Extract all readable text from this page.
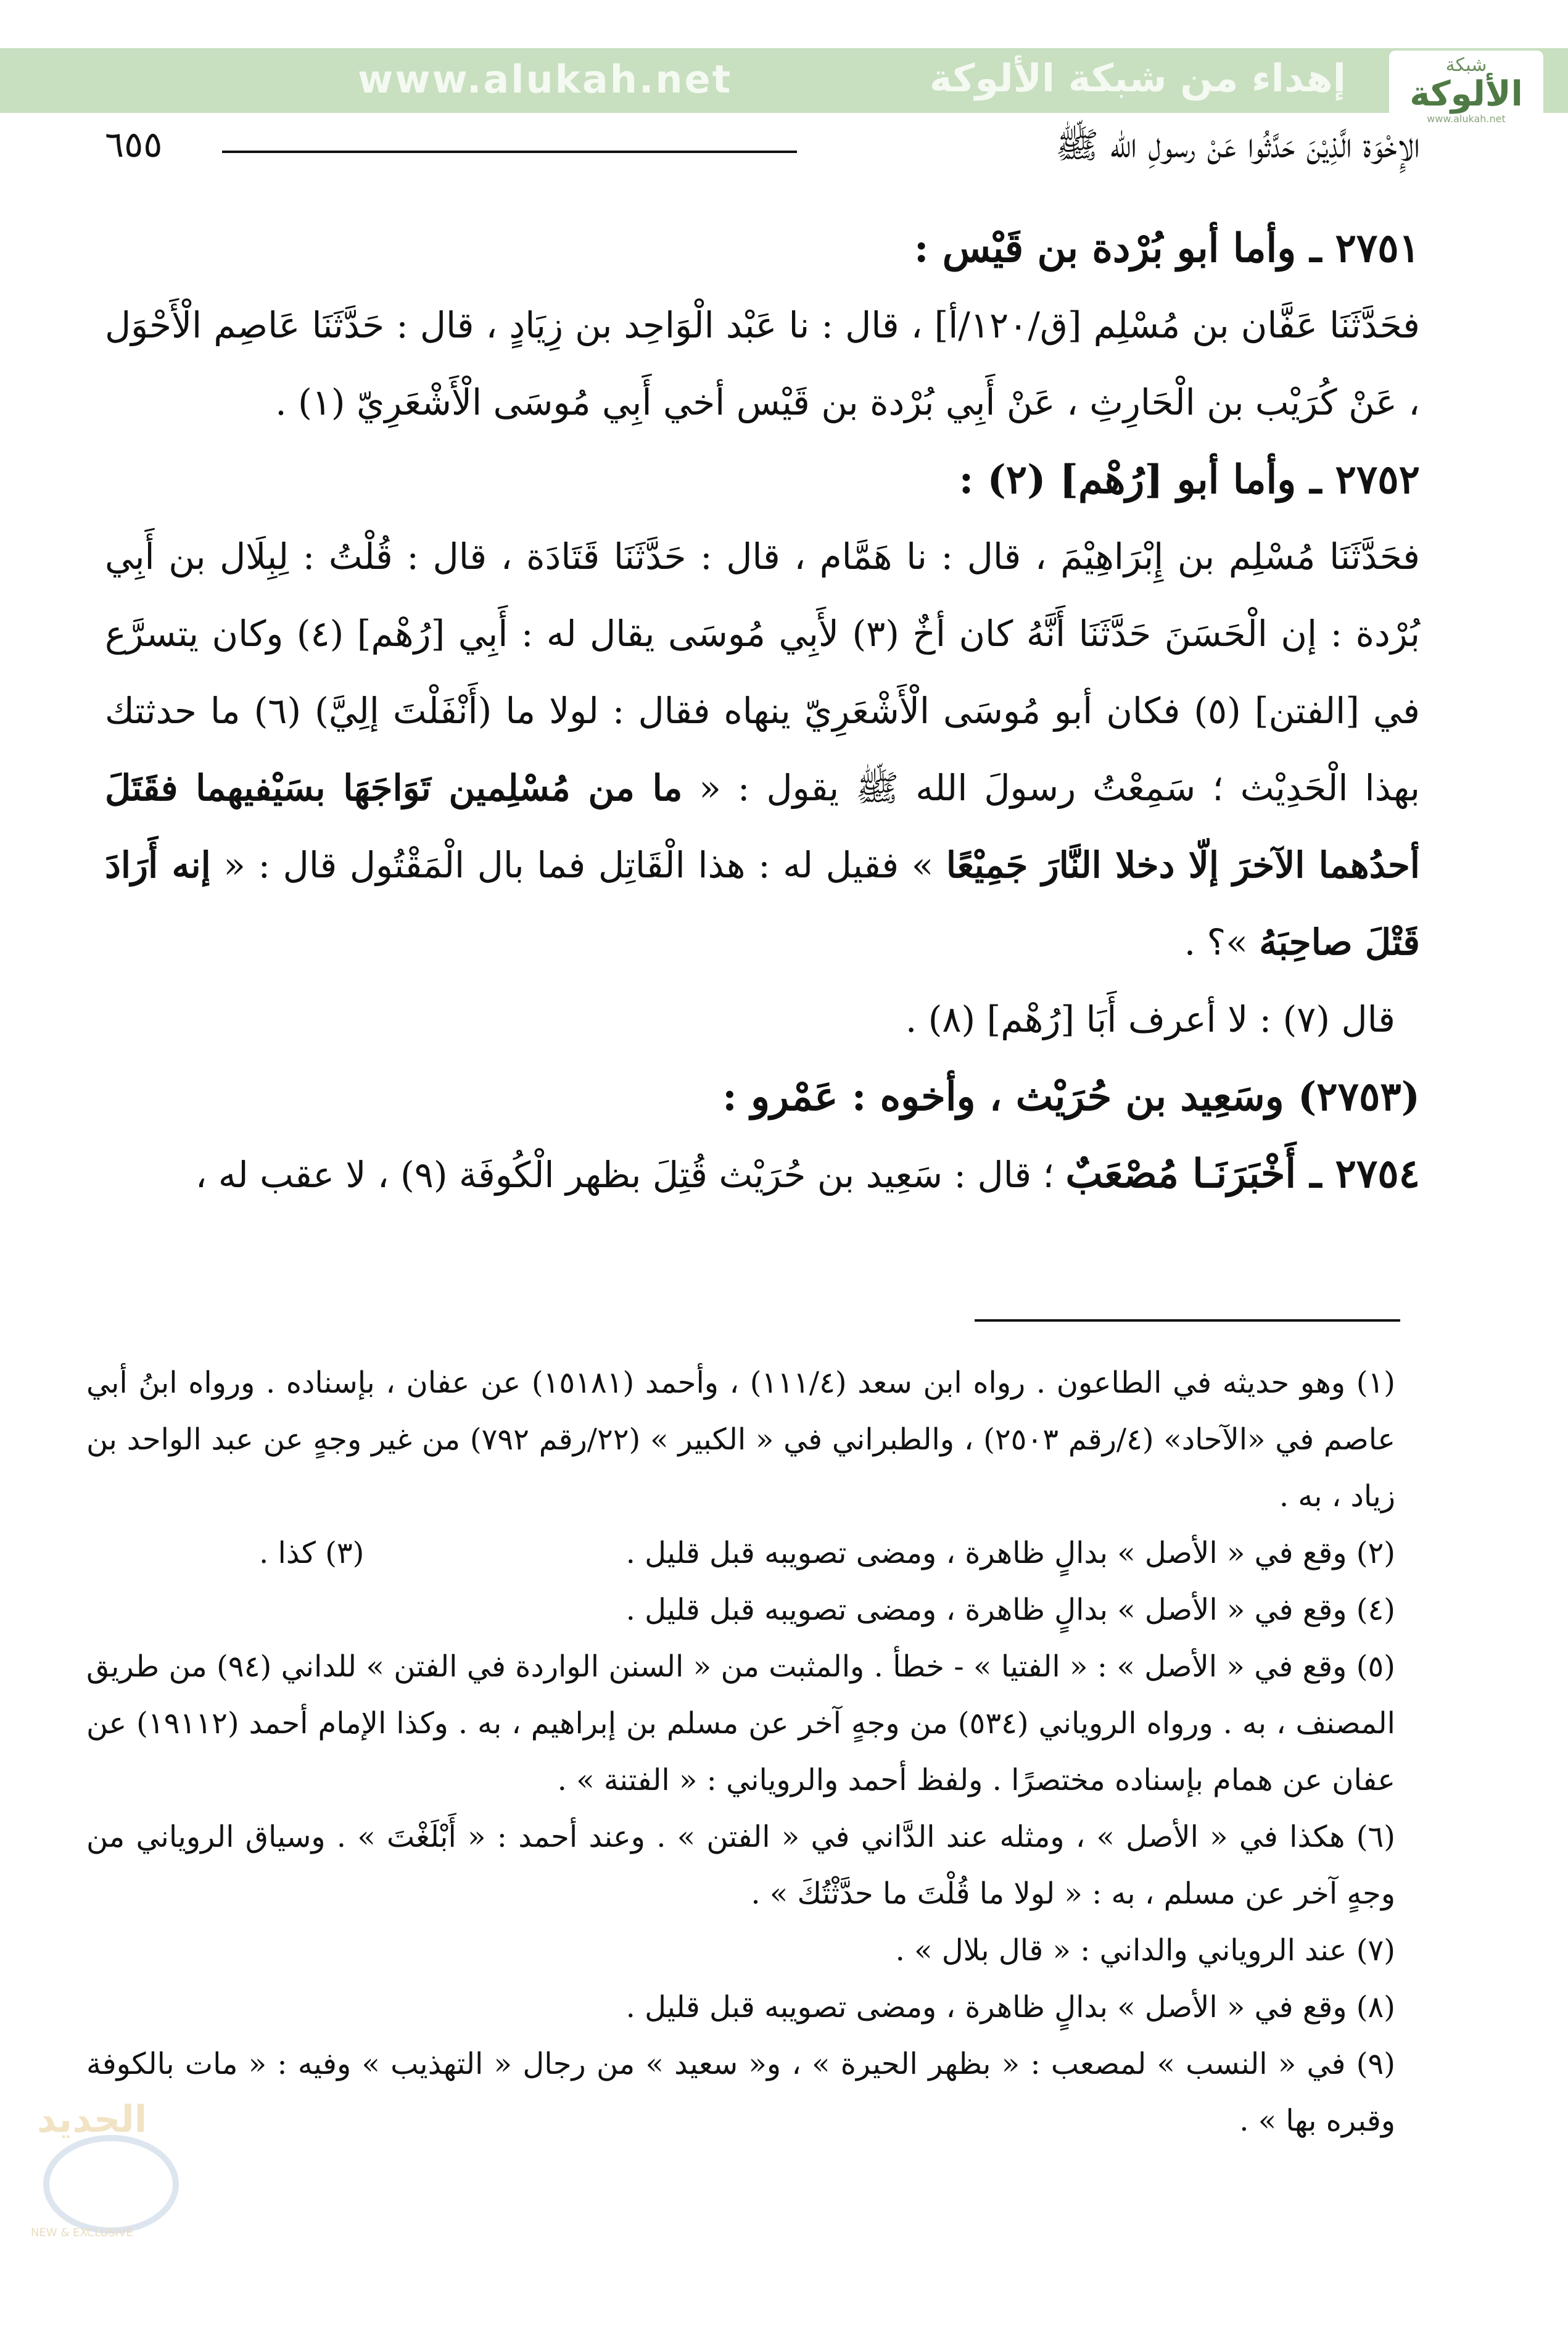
www.alukah.net	إهداء من شبكة الألوكة	شبكة
الألوكة
www.alukah.net
الإِخْوَة الَّذِيْنَ حَدَّثُوا عَنْ رسولِ الله ﷺ
٦٥٥

٢٧٥١ ـ وأما أبو بُرْدة بن قَيْس :

فحَدَّثَنَا عَفَّان بن مُسْلِم [ق/١٢٠/أ] ، قال : نا عَبْد الْوَاحِد بن زِيَادٍ ، قال : حَدَّثَنَا عَاصِم الْأَحْوَل ، عَنْ كُرَيْب بن الْحَارِثِ ، عَنْ أَبِي بُرْدة بن قَيْس أخي أَبِي مُوسَى الْأَشْعَرِيّ (١) .

٢٧٥٢ ـ وأما أبو [رُهْم] (٢) :

فحَدَّثَنَا مُسْلِم بن إِبْرَاهِيْمَ ، قال : نا هَمَّام ، قال : حَدَّثَنَا قَتَادَة ، قال : قُلْتُ : لِبِلَال بن أَبِي بُرْدة : إن الْحَسَنَ حَدَّثَنَا أَنَّهُ كان أخٌ (٣) لأَبِي مُوسَى يقال له : أَبِي [رُهْم] (٤) وكان يتسرَّع في [الفتن] (٥) فكان أبو مُوسَى الْأَشْعَرِيّ ينهاه فقال : لولا ما (أَنْفَلْتَ إلِيَّ) (٦) ما حدثتك بهذا الْحَدِيْث ؛ سَمِعْتُ رسولَ الله ﷺ يقول : « ما من مُسْلِمين تَوَاجَهَا بسَيْفيهما فقَتَلَ أحدُهما الآخرَ إلّا دخلا النَّارَ جَمِيْعًا » فقيل له : هذا الْقَاتِل فما بال الْمَقْتُول قال : « إنه أَرَادَ قَتْلَ صاحِبَهُ »؟ .

قال (٧) : لا أعرف أَبَا [رُهْم] (٨) .

(٢٧٥٣) وسَعِيد بن حُرَيْث ، وأخوه : عَمْرو :

٢٧٥٤ ـ أَخْبَرَنَـا مُصْعَبٌ ؛ قال : سَعِيد بن حُرَيْث قُتِلَ بظهر الْكُوفَة (٩) ، لا عقب له ،

(١) وهو حديثه في الطاعون . رواه ابن سعد (١١١/٤) ، وأحمد (١٥١٨١) عن عفان ، بإسناده . ورواه ابنُ أبي عاصم في «الآحاد» (٤/رقم ٢٥٠٣) ، والطبراني في « الكبير » (٢٢/رقم ٧٩٢) من غير وجهٍ عن عبد الواحد بن زياد ، به .

(٢) وقع في « الأصل » بدالٍ ظاهرة ، ومضى تصويبه قبل قليل .
(٣) كذا .

(٤) وقع في « الأصل » بدالٍ ظاهرة ، ومضى تصويبه قبل قليل .

(٥) وقع في « الأصل » : « الفتيا » - خطأ . والمثبت من « السنن الواردة في الفتن » للداني (٩٤) من طريق المصنف ، به . ورواه الروياني (٥٣٤) من وجهٍ آخر عن مسلم بن إبراهيم ، به . وكذا الإمام أحمد (١٩١١٢) عن عفان عن همام بإسناده مختصرًا . ولفظ أحمد والروياني : « الفتنة » .

(٦) هكذا في « الأصل » ، ومثله عند الدَّاني في « الفتن » . وعند أحمد : « أَبْلَغْتَ » . وسياق الروياني من وجهٍ آخر عن مسلم ، به : « لولا ما قُلْتَ ما حدَّثْتُكَ » .

(٧) عند الروياني والداني : « قال بلال » .

(٨) وقع في « الأصل » بدالٍ ظاهرة ، ومضى تصويبه قبل قليل .

(٩) في « النسب » لمصعب : « بظهر الحيرة » ، و« سعيد » من رجال « التهذيب » وفيه : « مات بالكوفة وقبره بها » .

الجديد
NEW & EXCLUSIVE
